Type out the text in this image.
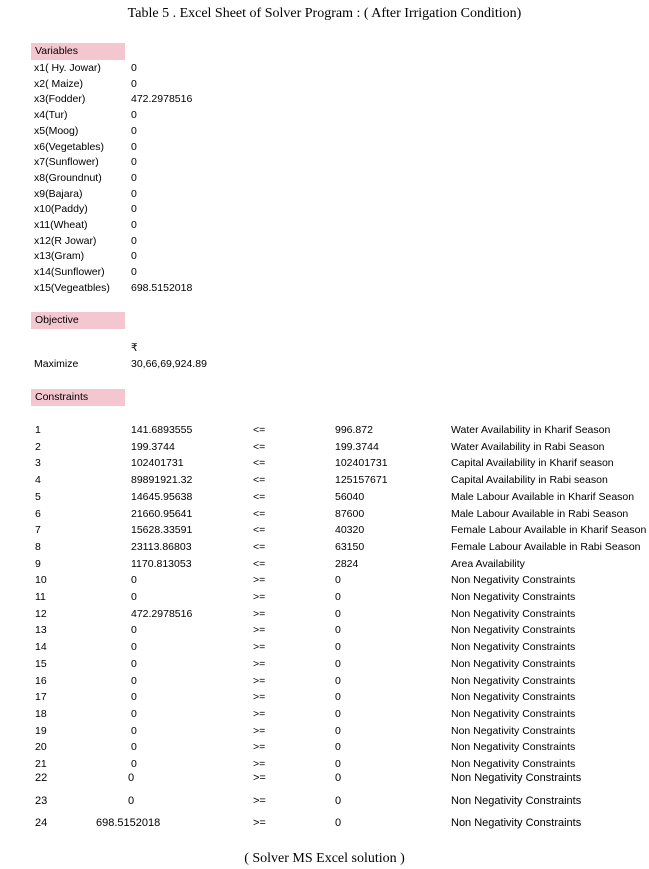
Table 5 . Excel Sheet of Solver Program : ( After Irrigation Condition)
Variables
x1( Hy. Jowar)	0
x2( Maize)	0
x3(Fodder)	472.2978516
x4(Tur)	0
x5(Moog)	0
x6(Vegetables)	0
x7(Sunflower)	0
x8(Groundnut)	0
x9(Bajara)	0
x10(Paddy)	0
x11(Wheat)	0
x12(R Jowar)	0
x13(Gram)	0
x14(Sunflower)	0
x15(Vegeatbles) 698.5152018
Objective
₹
Maximize	30,66,69,924.89
Constraints
1	141.6893555	<=	996.872	Water Availability in Kharif Season
2	199.3744	<=	199.3744	Water Availability in Rabi Season
3	102401731	<=	102401731	Capital Availability in Kharif season
4	89891921.32	<=	125157671	Capital Availability in Rabi season
5	14645.95638	<=	56040	Male Labour Available in Kharif Season
6	21660.95641	<=	87600	Male Labour Available in Rabi Season
7	15628.33591	<=	40320	Female Labour Available in Kharif Season
8	23113.86803	<=	63150	Female Labour Available in Rabi Season
9	1170.813053	<=	2824	Area Availability
10	0	>=	0	Non Negativity Constraints
11	0	>=	0	Non Negativity Constraints
12	472.2978516	>=	0	Non Negativity Constraints
13	0	>=	0	Non Negativity Constraints
14	0	>=	0	Non Negativity Constraints
15	0	>=	0	Non Negativity Constraints
16	0	>=	0	Non Negativity Constraints
17	0	>=	0	Non Negativity Constraints
18	0	>=	0	Non Negativity Constraints
19	0	>=	0	Non Negativity Constraints
20	0	>=	0	Non Negativity Constraints
21	0	>=	0	Non Negativity Constraints
22	0	>=	0	Non Negativity Constraints
23	0	>=	0	Non Negativity Constraints
24	698.5152018	>=	0	Non Negativity Constraints
( Solver MS Excel solution )
